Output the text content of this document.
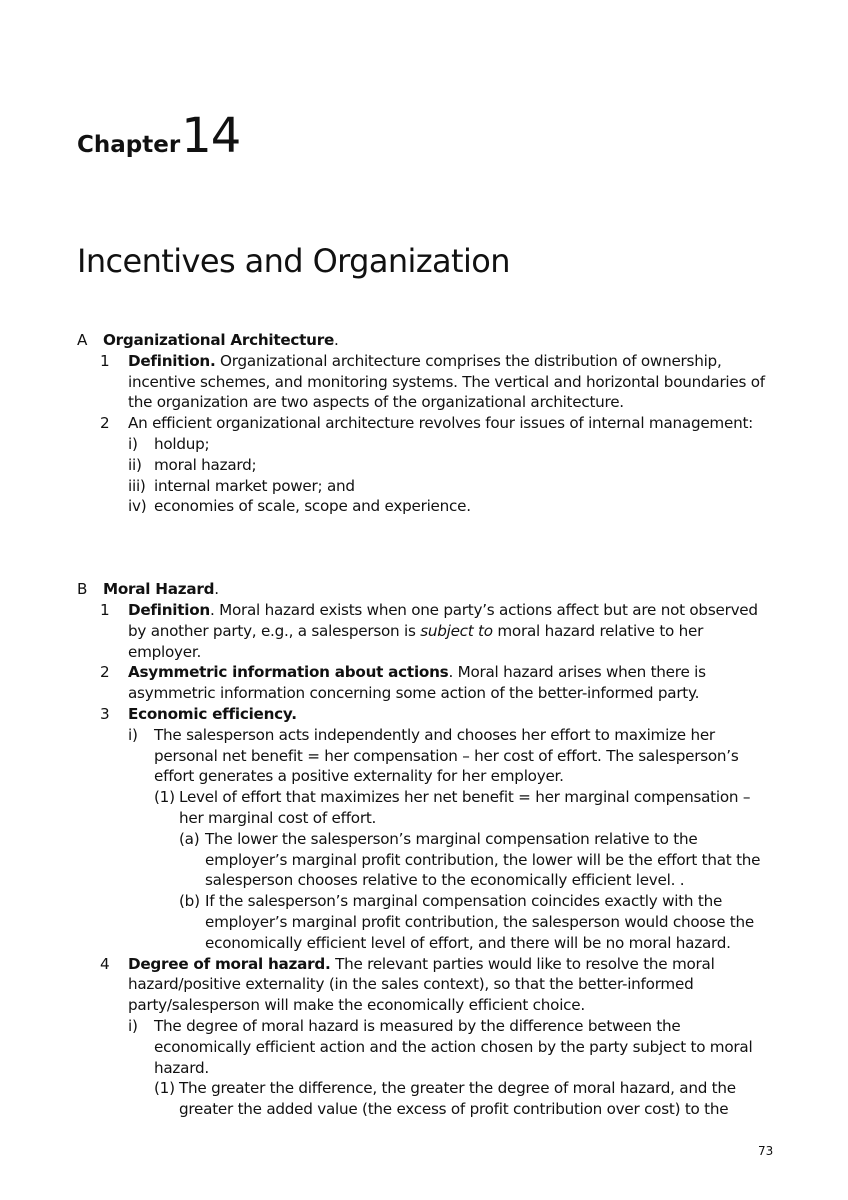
Chapter14
Incentives and Organization
A Organizational Architecture.
1 Definition. Organizational architecture comprises the distribution of ownership, incentive schemes, and monitoring systems. The vertical and horizontal boundaries of the organization are two aspects of the organizational architecture.
2 An efficient organizational architecture revolves four issues of internal management:
i) holdup;
ii) moral hazard;
iii) internal market power; and
iv) economies of scale, scope and experience.
B Moral Hazard.
1 Definition. Moral hazard exists when one party’s actions affect but are not observed by another party, e.g., a salesperson is subject to moral hazard relative to her employer.
2 Asymmetric information about actions. Moral hazard arises when there is asymmetric information concerning some action of the better-informed party.
3 Economic efficiency.
i) The salesperson acts independently and chooses her effort to maximize her personal net benefit = her compensation – her cost of effort. The salesperson’s effort generates a positive externality for her employer.
(1) Level of effort that maximizes her net benefit = her marginal compensation – her marginal cost of effort.
(a) The lower the salesperson’s marginal compensation relative to the employer’s marginal profit contribution, the lower will be the effort that the salesperson chooses relative to the economically efficient level. .
(b) If the salesperson’s marginal compensation coincides exactly with the employer’s marginal profit contribution, the salesperson would choose the economically efficient level of effort, and there will be no moral hazard.
4 Degree of moral hazard. The relevant parties would like to resolve the moral hazard/positive externality (in the sales context), so that the better-informed party/salesperson will make the economically efficient choice.
i) The degree of moral hazard is measured by the difference between the economically efficient action and the action chosen by the party subject to moral hazard.
(1) The greater the difference, the greater the degree of moral hazard, and the greater the added value (the excess of profit contribution over cost) to the
73
